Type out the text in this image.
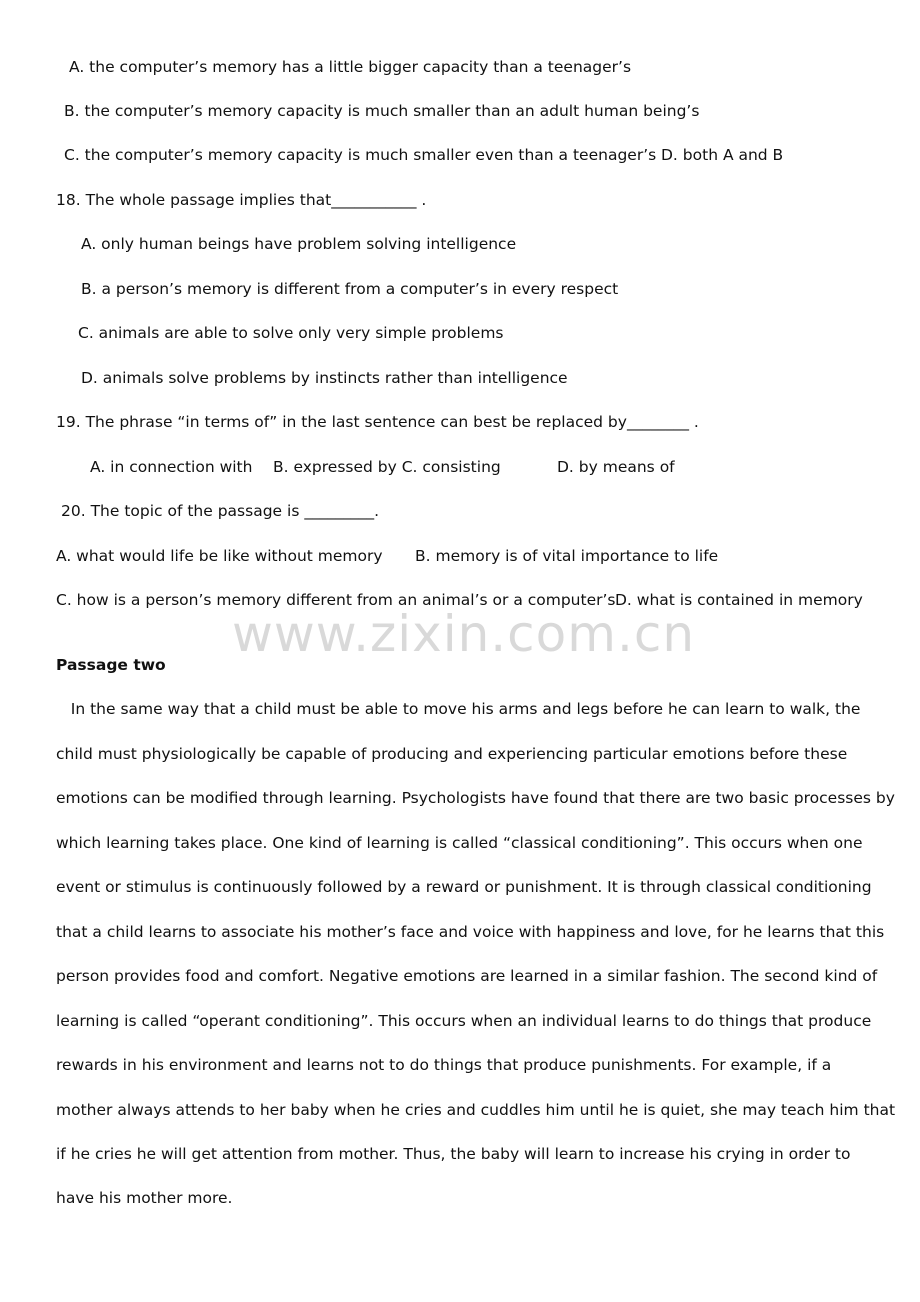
A. the computer’s memory has a little bigger capacity than a teenager’s
B. the computer’s memory capacity is much smaller than an adult human being’s
C. the computer’s memory capacity is much smaller even than a teenager’s D. both A and B
18. The whole passage implies that___________ .
A. only human beings have problem solving intelligence
B. a person’s memory is different from a computer’s in every respect
C. animals are able to solve only very simple problems
D. animals solve problems by instincts rather than intelligence
19. The phrase “in terms of” in the last sentence can best be replaced by________ .
A. in connection with B. expressed by C. consisting	D. by means of
20. The topic of the passage is _________.
A. what would life be like without memory B. memory is of vital importance to life
C. how is a person’s memory different from an animal’s or a computer’s D. what is contained in memory
www.zixin.com.cn
Passage two
In the same way that a child must be able to move his arms and legs before he can learn to walk, the
child must physiologically be capable of producing and experiencing particular emotions before these
emotions can be modified through learning. Psychologists have found that there are two basic processes by
which learning takes place. One kind of learning is called “classical conditioning”. This occurs when one
event or stimulus is continuously followed by a reward or punishment. It is through classical conditioning
that a child learns to associate his mother’s face and voice with happiness and love, for he learns that this
person provides food and comfort. Negative emotions are learned in a similar fashion. The second kind of
learning is called “operant conditioning”. This occurs when an individual learns to do things that produce
rewards in his environment and learns not to do things that produce punishments. For example, if a
mother always attends to her baby when he cries and cuddles him until he is quiet, she may teach him that
if he cries he will get attention from mother. Thus, the baby will learn to increase his crying in order to
have his mother more.
